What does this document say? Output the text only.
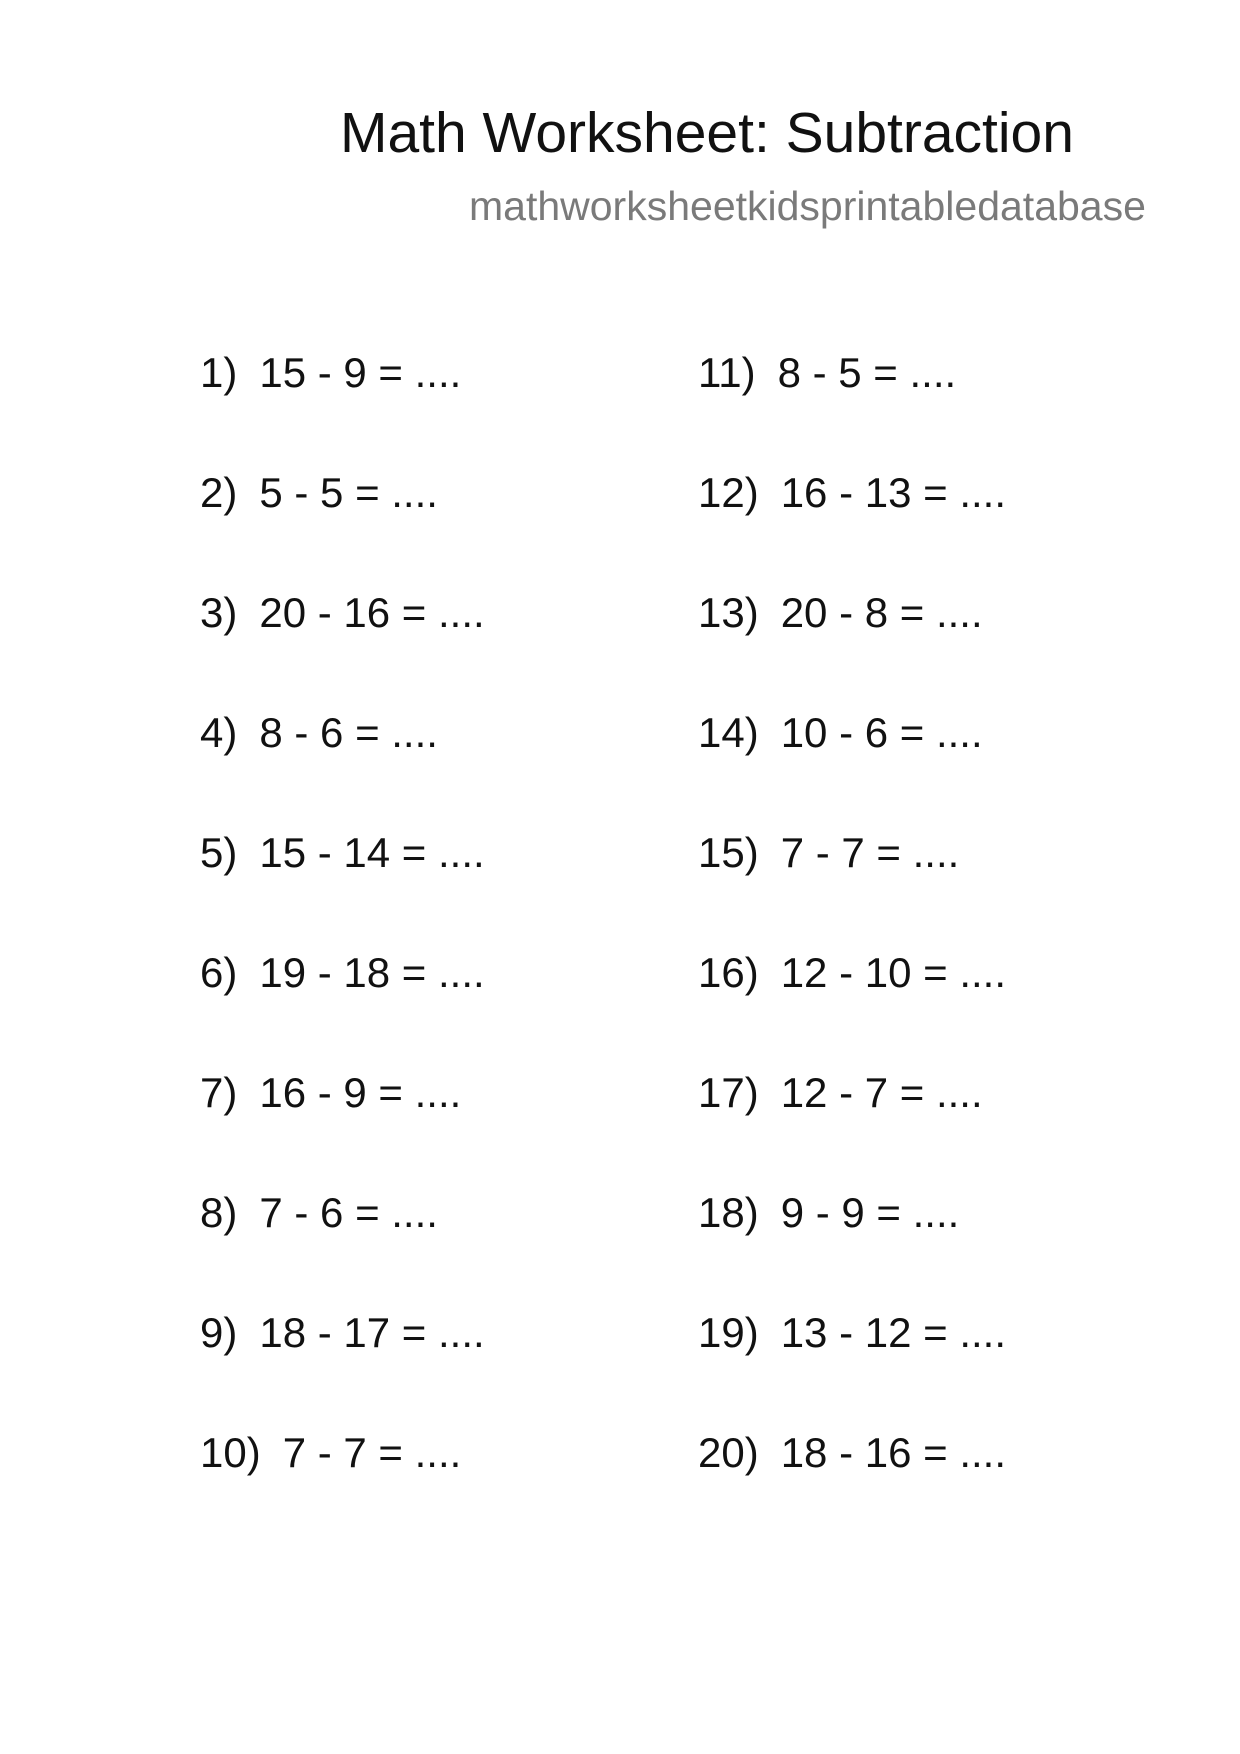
Math Worksheet: Subtraction
mathworksheetkidsprintabledatabase
1) 15 - 9 = ....
2) 5 - 5 = ....
3) 20 - 16 = ....
4) 8 - 6 = ....
5) 15 - 14 = ....
6) 19 - 18 = ....
7) 16 - 9 = ....
8) 7 - 6 = ....
9) 18 - 17 = ....
10) 7 - 7 = ....
11) 8 - 5 = ....
12) 16 - 13 = ....
13) 20 - 8 = ....
14) 10 - 6 = ....
15) 7 - 7 = ....
16) 12 - 10 = ....
17) 12 - 7 = ....
18) 9 - 9 = ....
19) 13 - 12 = ....
20) 18 - 16 = ....
